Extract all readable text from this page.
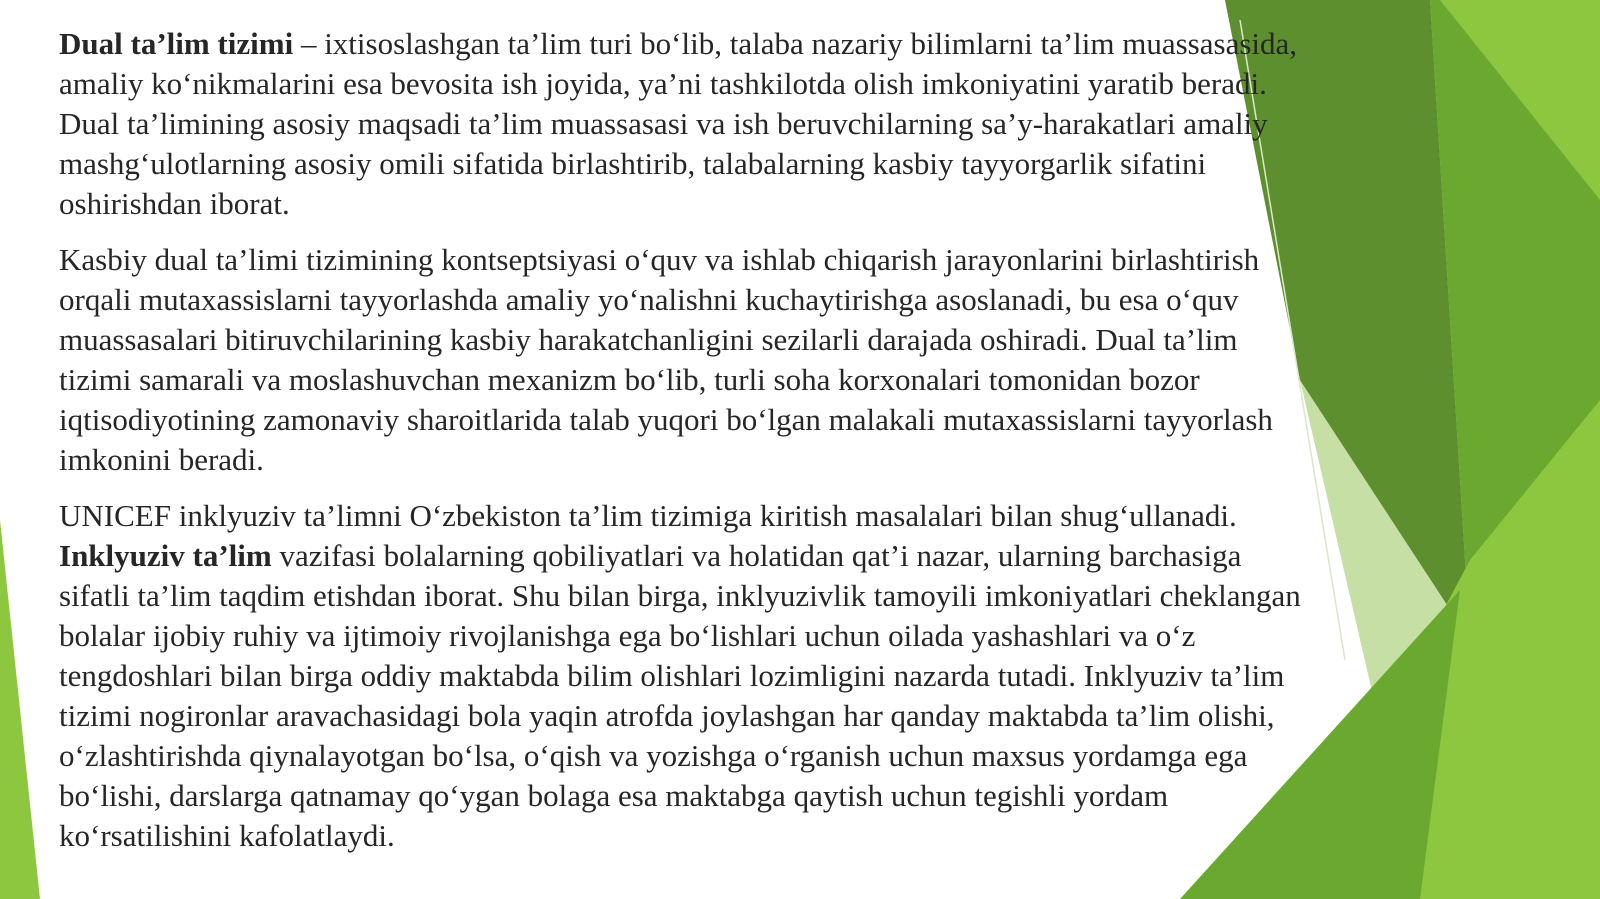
Dual ta’lim tizimi – ixtisoslashgan ta’lim turi bo‘lib, talaba nazariy bilimlarni ta’lim muassasasida, amaliy ko‘nikmalarini esa bevosita ish joyida, ya’ni tashkilotda olish imkoniyatini yaratib beradi. Dual ta’limining asosiy maqsadi ta’lim muassasasi va ish beruvchilarning sa’y-harakatlari amaliy mashg‘ulotlarning asosiy omili sifatida birlashtirib, talabalarning kasbiy tayyorgarlik sifatini oshirishdan iborat.

Kasbiy dual ta’limi tizimining kontseptsiyasi o‘quv va ishlab chiqarish jarayonlarini birlashtirish orqali mutaxassislarni tayyorlashda amaliy yo‘nalishni kuchaytirishga asoslanadi, bu esa o‘quv muassasalari bitiruvchilarining kasbiy harakatchanligini sezilarli darajada oshiradi. Dual ta’lim tizimi samarali va moslashuvchan mexanizm bo‘lib, turli soha korxonalari tomonidan bozor iqtisodiyotining zamonaviy sharoitlarida talab yuqori bo‘lgan malakali mutaxassislarni tayyorlash imkonini beradi.

UNICEF inklyuziv ta’limni O‘zbekiston ta’lim tizimiga kiritish masalalari bilan shug‘ullanadi. Inklyuziv ta’lim vazifasi bolalarning qobiliyatlari va holatidan qat’i nazar, ularning barchasiga sifatli ta’lim taqdim etishdan iborat. Shu bilan birga, inklyuzivlik tamoyili imkoniyatlari cheklangan bolalar ijobiy ruhiy va ijtimoiy rivojlanishga ega bo‘lishlari uchun oilada yashashlari va o‘z tengdoshlari bilan birga oddiy maktabda bilim olishlari lozimligini nazarda tutadi. Inklyuziv ta’lim tizimi nogironlar aravachasidagi bola yaqin atrofda joylashgan har qanday maktabda ta’lim olishi, o‘zlashtirishda qiynalayotgan bo‘lsa, o‘qish va yozishga o‘rganish uchun maxsus yordamga ega bo‘lishi, darslarga qatnamay qo‘ygan bolaga esa maktabga qaytish uchun tegishli yordam ko‘rsatilishini kafolatlaydi.
